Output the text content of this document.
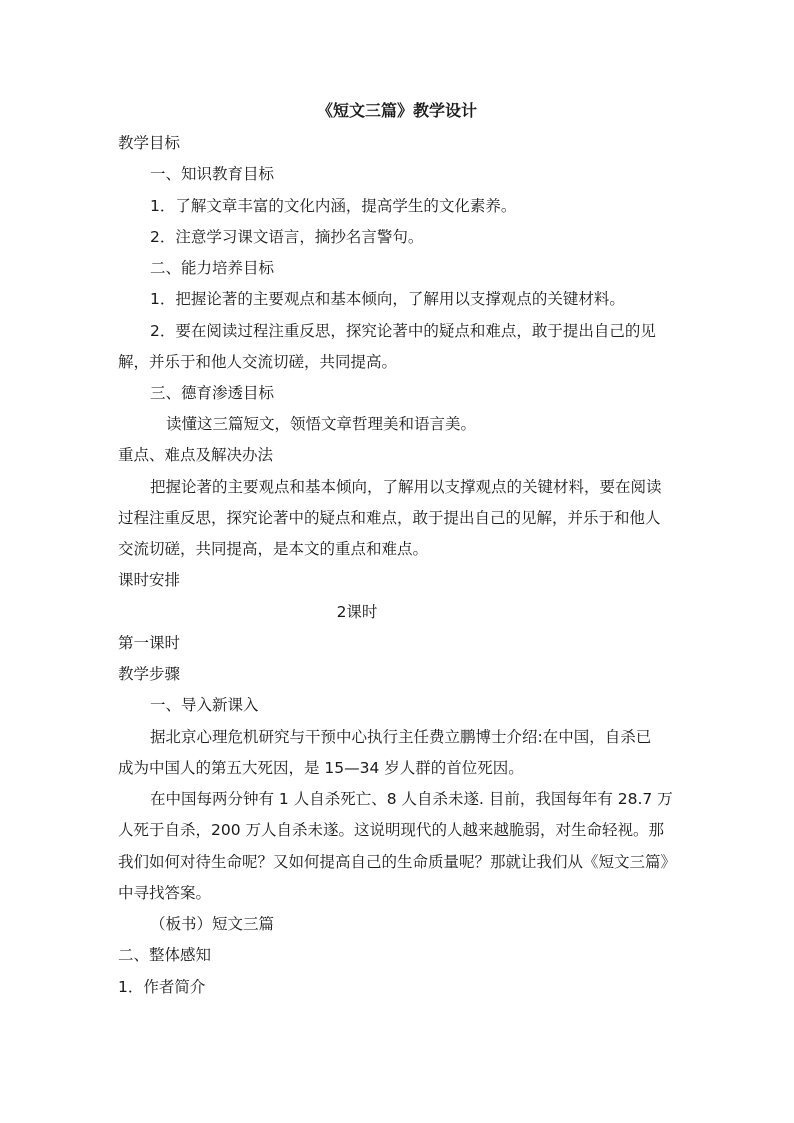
《短文三篇》教学设计
教学目标
一、知识教育目标
1．了解文章丰富的文化内涵，提高学生的文化素养。
2．注意学习课文语言，摘抄名言警句。
二、能力培养目标
1．把握论著的主要观点和基本倾向，了解用以支撑观点的关键材料。
2．要在阅读过程注重反思，探究论著中的疑点和难点，敢于提出自己的见
解，并乐于和他人交流切磋，共同提高。
三、德育渗透目标
读懂这三篇短文，领悟文章哲理美和语言美。
重点、难点及解决办法
把握论著的主要观点和基本倾向，了解用以支撑观点的关键材料，要在阅读
过程注重反思，探究论著中的疑点和难点，敢于提出自己的见解，并乐于和他人
交流切磋，共同提高，是本文的重点和难点。
课时安排
2课时
第一课时
教学步骤
一、导入新课入
据北京心理危机研究与干预中心执行主任费立鹏博士介绍:在中国，自杀已
成为中国人的第五大死因，是 15—34 岁人群的首位死因。
在中国每两分钟有 1 人自杀死亡、8 人自杀未遂. 目前，我国每年有 28.7 万
人死于自杀，200 万人自杀未遂。这说明现代的人越来越脆弱，对生命轻视。那
我们如何对待生命呢？又如何提高自己的生命质量呢？那就让我们从《短文三篇》
中寻找答案。
（板书）短文三篇
二、整体感知
1．作者简介
